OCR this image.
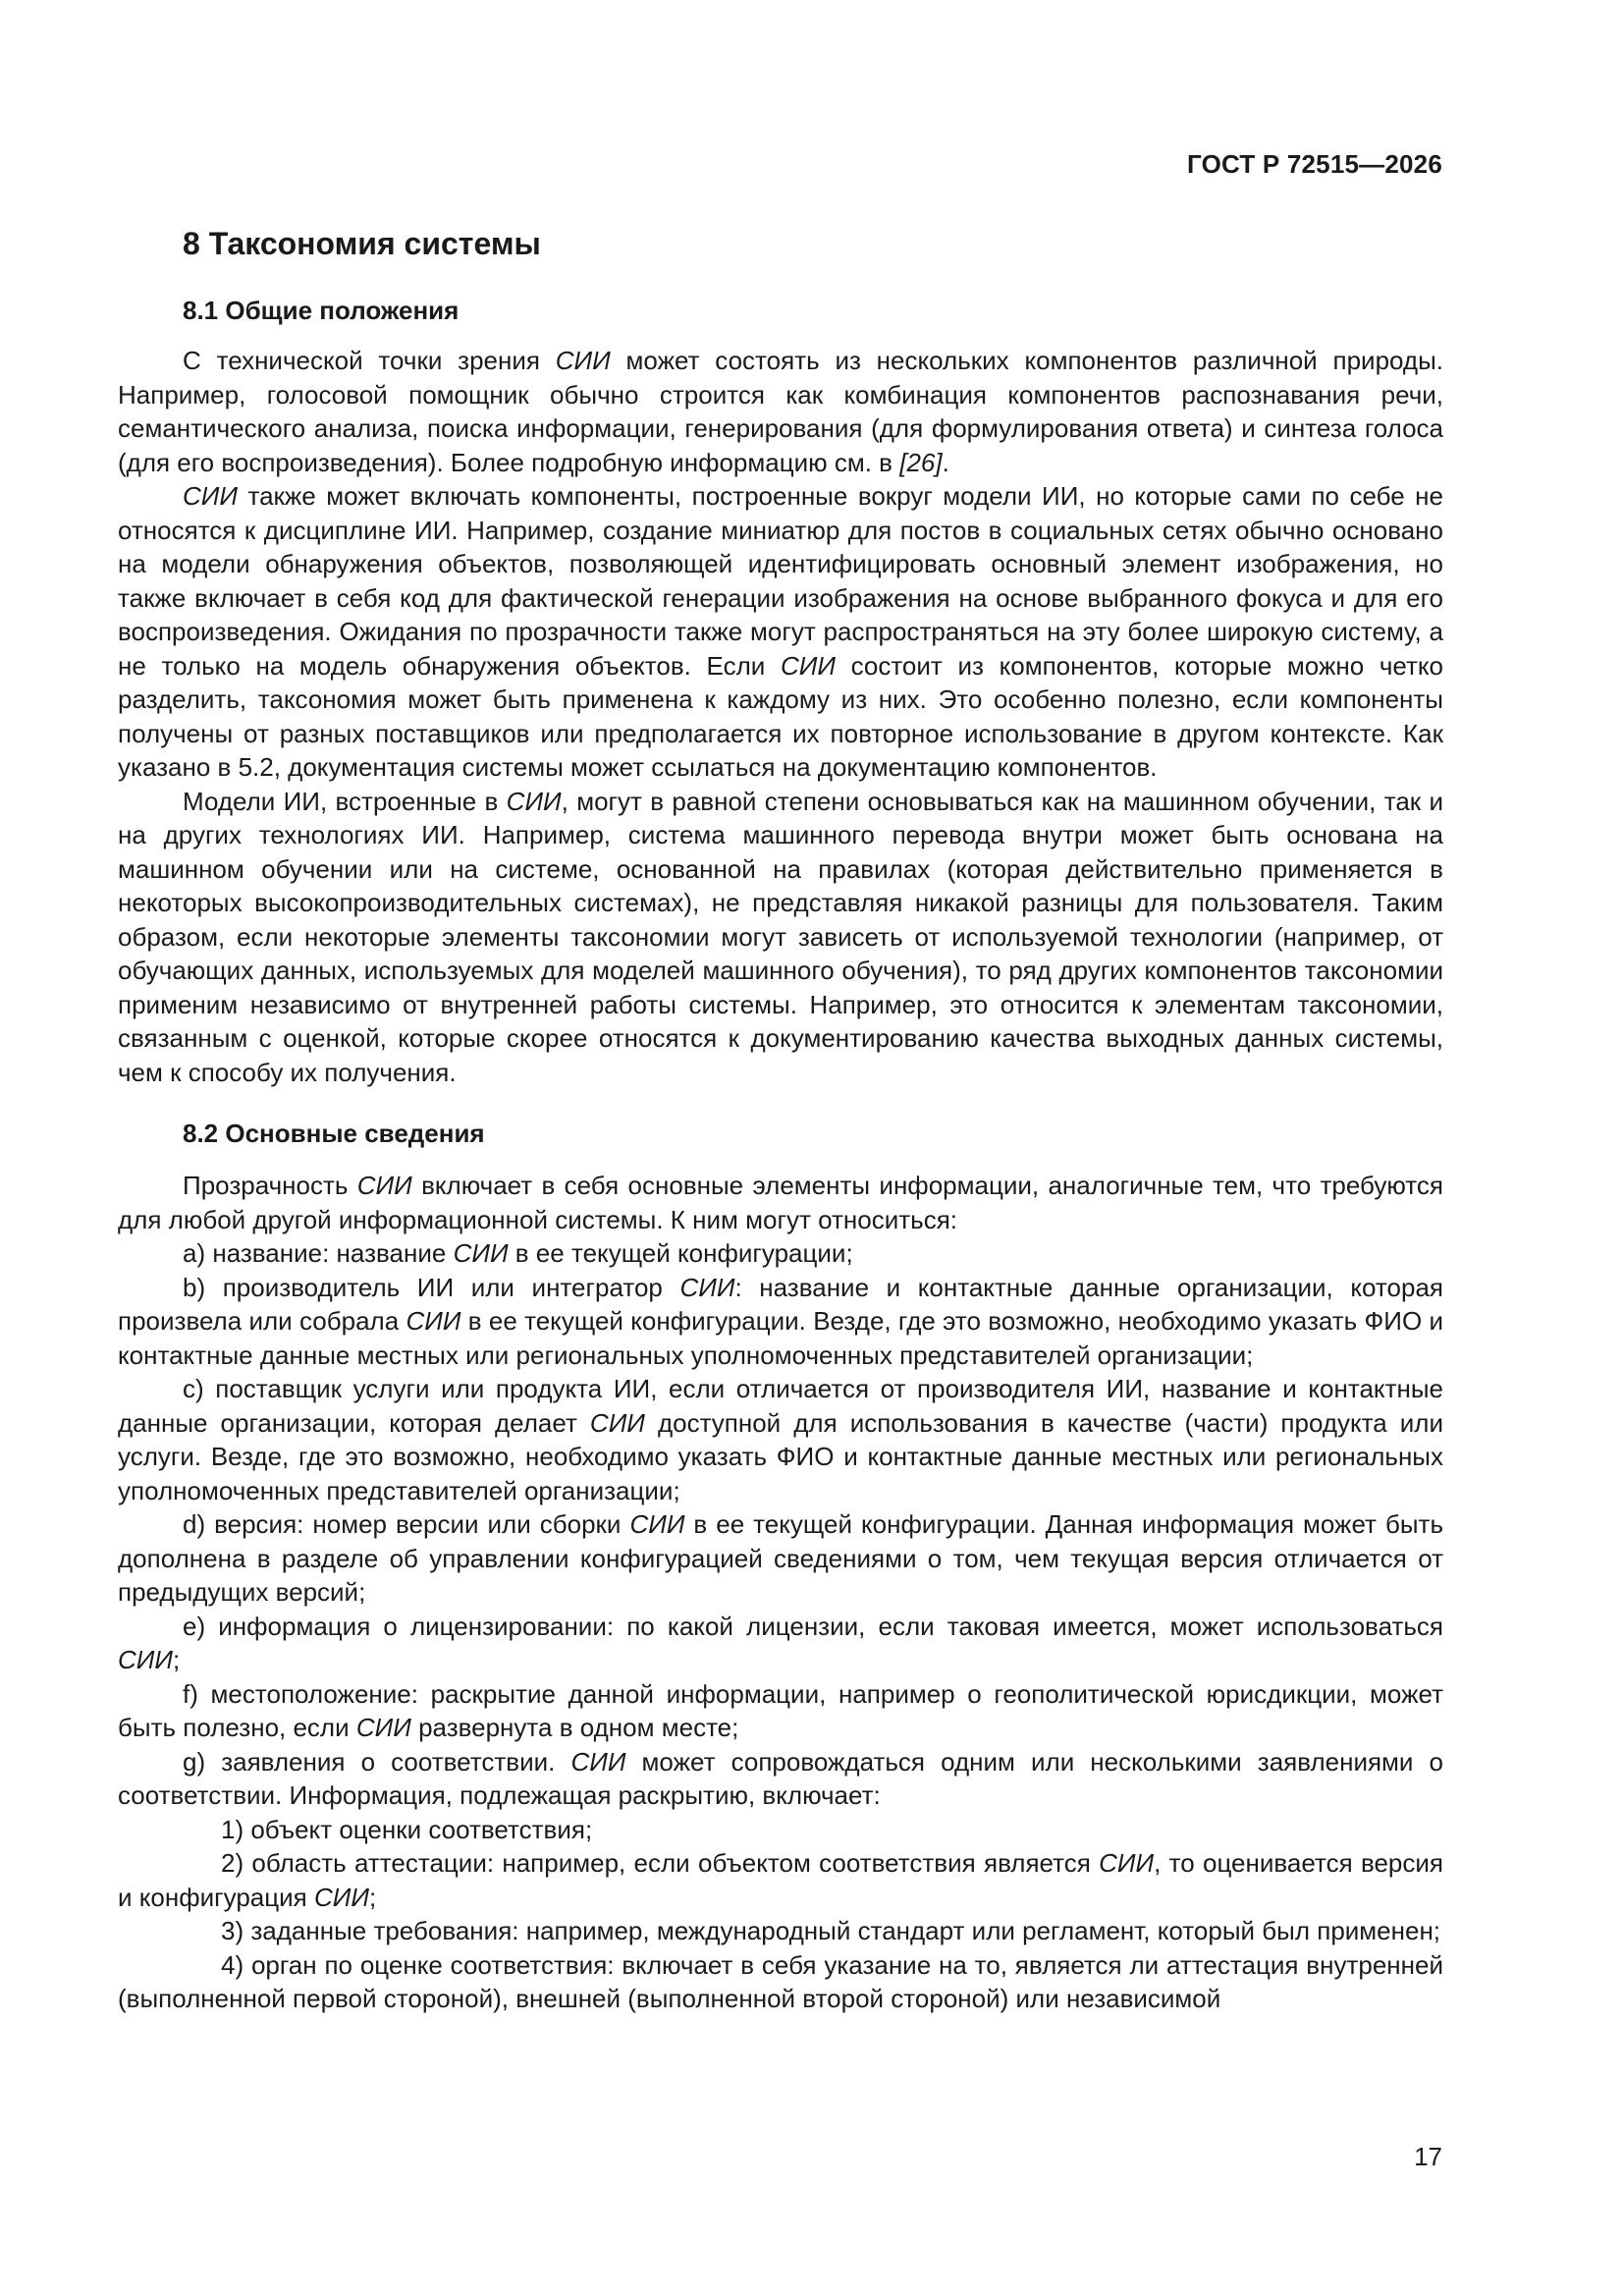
ГОСТ Р 72515—2026
8 Таксономия системы
8.1 Общие положения

С технической точки зрения СИИ может состоять из нескольких компонентов различной природы. Например, голосовой помощник обычно строится как комбинация компонентов распознавания речи, семантического анализа, поиска информации, генерирования (для формулирования ответа) и синтеза голоса (для его воспроизведения). Более подробную информацию см. в [26].

СИИ также может включать компоненты, построенные вокруг модели ИИ, но которые сами по себе не относятся к дисциплине ИИ. Например, создание миниатюр для постов в социальных сетях обычно основано на модели обнаружения объектов, позволяющей идентифицировать основный элемент изображения, но также включает в себя код для фактической генерации изображения на основе выбранного фокуса и для его воспроизведения. Ожидания по прозрачности также могут распространяться на эту более широкую систему, а не только на модель обнаружения объектов. Если СИИ состоит из компонентов, которые можно четко разделить, таксономия может быть применена к каждому из них. Это особенно полезно, если компоненты получены от разных поставщиков или предполагается их повторное использование в другом контексте. Как указано в 5.2, документация системы может ссылаться на документацию компонентов.

Модели ИИ, встроенные в СИИ, могут в равной степени основываться как на машинном обучении, так и на других технологиях ИИ. Например, система машинного перевода внутри может быть основана на машинном обучении или на системе, основанной на правилах (которая действительно применяется в некоторых высокопроизводительных системах), не представляя никакой разницы для пользователя. Таким образом, если некоторые элементы таксономии могут зависеть от используемой технологии (например, от обучающих данных, используемых для моделей машинного обучения), то ряд других компонентов таксономии применим независимо от внутренней работы системы. Например, это относится к элементам таксономии, связанным с оценкой, которые скорее относятся к документированию качества выходных данных системы, чем к способу их получения.

8.2 Основные сведения

Прозрачность СИИ включает в себя основные элементы информации, аналогичные тем, что требуются для любой другой информационной системы. К ним могут относиться:

a) название: название СИИ в ее текущей конфигурации;

b) производитель ИИ или интегратор СИИ: название и контактные данные организации, которая произвела или собрала СИИ в ее текущей конфигурации. Везде, где это возможно, необходимо указать ФИО и контактные данные местных или региональных уполномоченных представителей организации;

c) поставщик услуги или продукта ИИ, если отличается от производителя ИИ, название и контактные данные организации, которая делает СИИ доступной для использования в качестве (части) продукта или услуги. Везде, где это возможно, необходимо указать ФИО и контактные данные местных или региональных уполномоченных представителей организации;

d) версия: номер версии или сборки СИИ в ее текущей конфигурации. Данная информация может быть дополнена в разделе об управлении конфигурацией сведениями о том, чем текущая версия отличается от предыдущих версий;

e) информация о лицензировании: по какой лицензии, если таковая имеется, может использоваться СИИ;

f) местоположение: раскрытие данной информации, например о геополитической юрисдикции, может быть полезно, если СИИ развернута в одном месте;

g) заявления о соответствии. СИИ может сопровождаться одним или несколькими заявлениями о соответствии. Информация, подлежащая раскрытию, включает:

1) объект оценки соответствия;

2) область аттестации: например, если объектом соответствия является СИИ, то оценивается версия и конфигурация СИИ;

3) заданные требования: например, международный стандарт или регламент, который был применен;

4) орган по оценке соответствия: включает в себя указание на то, является ли аттестация внутренней (выполненной первой стороной), внешней (выполненной второй стороной) или независимой

17
